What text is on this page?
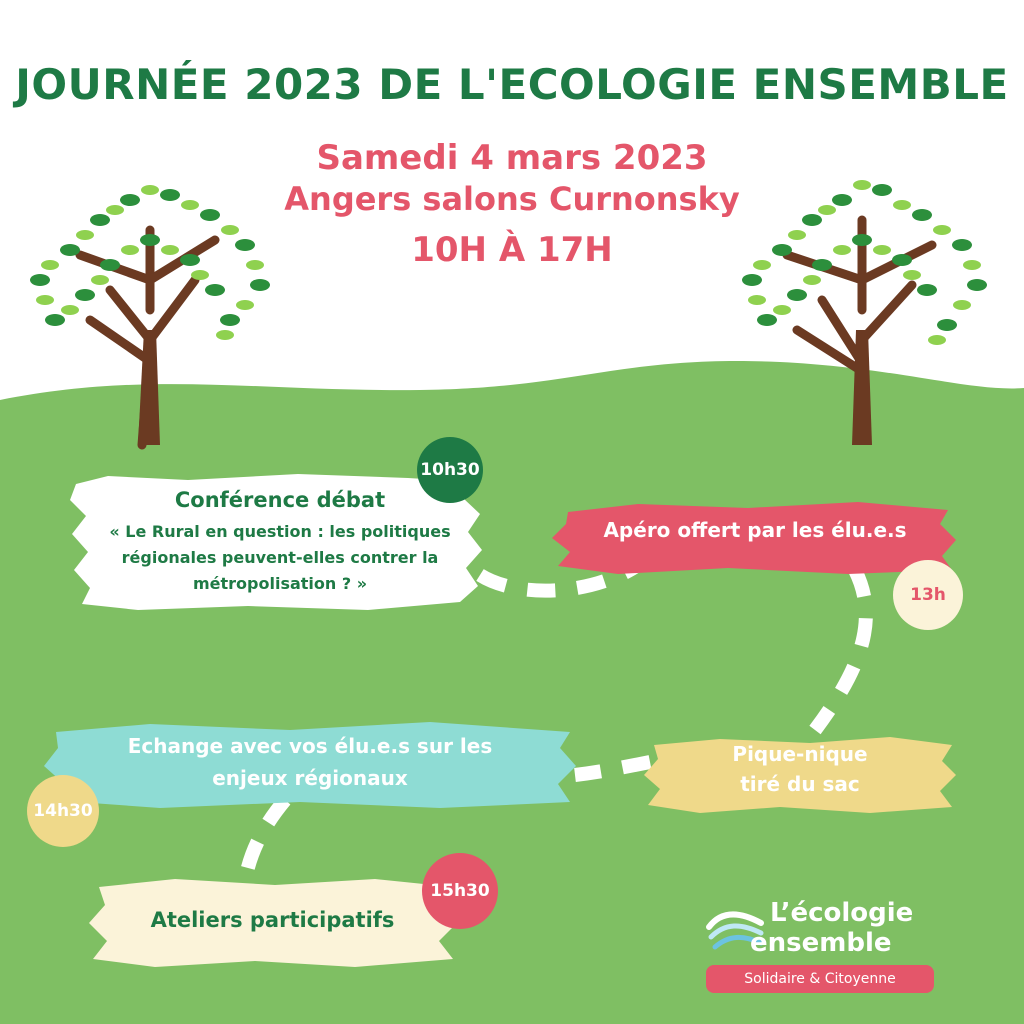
JOURNÉE 2023 DE L'ECOLOGIE ENSEMBLE
Samedi 4 mars 2023
Angers salons Curnonsky
10H À 17H
Conférence débat
« Le Rural en question : les politiques
régionales peuvent-elles contrer la
métropolisation ? »
10h30
Apéro offert par les élu.e.s
13h
Pique-nique
tiré du sac
Echange avec vos élu.e.s sur les
enjeux régionaux
14h30
Ateliers participatifs
15h30
L’écologie
ensemble
Solidaire & Citoyenne
